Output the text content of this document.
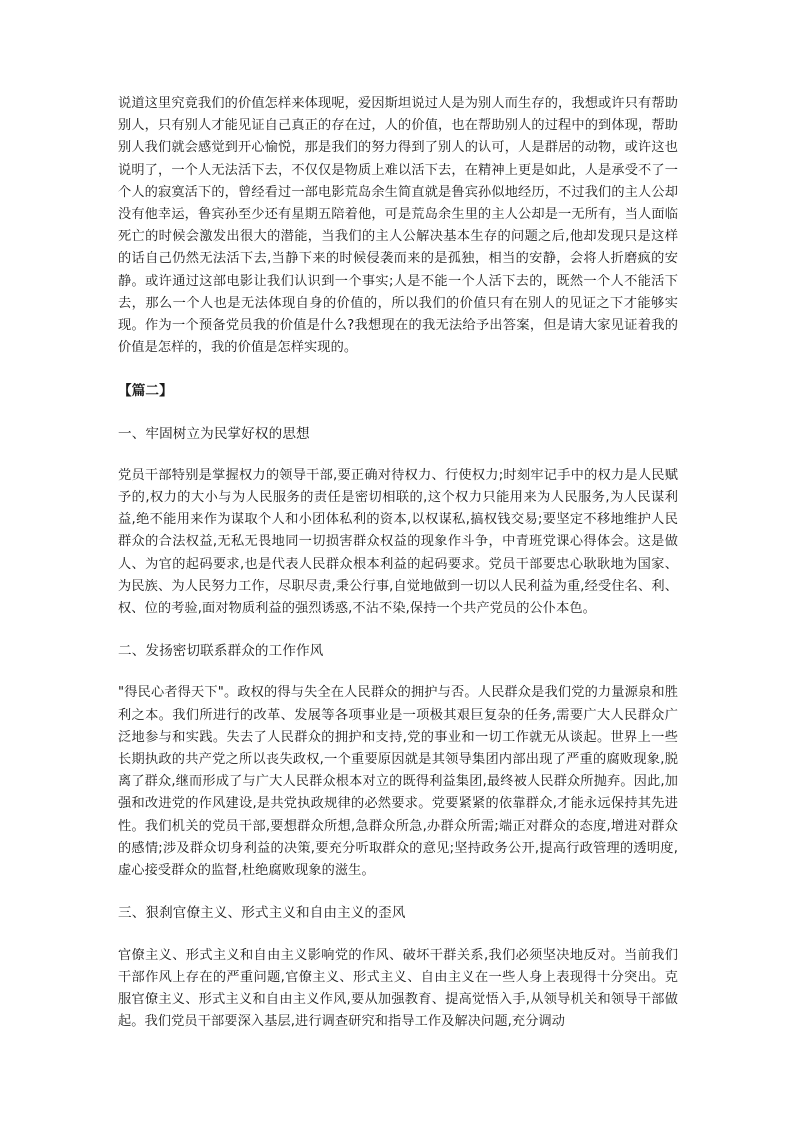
说道这里究竟我们的价值怎样来体现呢，爱因斯坦说过人是为别人而生存的，我想或许只有帮助别人，只有别人才能见证自己真正的存在过，人的价值，也在帮助别人的过程中的到体现，帮助别人我们就会感觉到开心愉悦，那是我们的努力得到了别人的认可，人是群居的动物，或许这也说明了，一个人无法活下去，不仅仅是物质上难以活下去，在精神上更是如此，人是承受不了一个人的寂寞活下的，曾经看过一部电影荒岛余生简直就是鲁宾孙似地经历，不过我们的主人公却没有他幸运，鲁宾孙至少还有星期五陪着他，可是荒岛余生里的主人公却是一无所有，当人面临死亡的时候会激发出很大的潜能，当我们的主人公解决基本生存的问题之后,他却发现只是这样的话自己仍然无法活下去,当静下来的时候侵袭而来的是孤独，相当的安静，会将人折磨疯的安静。或许通过这部电影让我们认识到一个事实;人是不能一个人活下去的，既然一个人不能活下去，那么一个人也是无法体现自身的价值的，所以我们的价值只有在别人的见证之下才能够实现。作为一个预备党员我的价值是什么?我想现在的我无法给予出答案，但是请大家见证着我的价值是怎样的，我的价值是怎样实现的。

【篇二】

一、牢固树立为民掌好权的思想

党员干部特别是掌握权力的领导干部,要正确对待权力、行使权力;时刻牢记手中的权力是人民赋予的,权力的大小与为人民服务的责任是密切相联的,这个权力只能用来为人民服务,为人民谋利益,绝不能用来作为谋取个人和小团体私利的资本,以权谋私,搞权钱交易;要坚定不移地维护人民群众的合法权益,无私无畏地同一切损害群众权益的现象作斗争，中青班党课心得体会。这是做人、为官的起码要求,也是代表人民群众根本利益的起码要求。党员干部要忠心耿耿地为国家、为民族、为人民努力工作，尽职尽责,秉公行事,自觉地做到一切以人民利益为重,经受住名、利、权、位的考验,面对物质利益的强烈诱惑,不沾不染,保持一个共产党员的公仆本色。

二、发扬密切联系群众的工作作风

"得民心者得天下"。政权的得与失全在人民群众的拥护与否。人民群众是我们党的力量源泉和胜利之本。我们所进行的改革、发展等各项事业是一项极其艰巨复杂的任务,需要广大人民群众广泛地参与和实践。失去了人民群众的拥护和支持,党的事业和一切工作就无从谈起。世界上一些长期执政的共产党之所以丧失政权,一个重要原因就是其领导集团内部出现了严重的腐败现象,脱离了群众,继而形成了与广大人民群众根本对立的既得利益集团,最终被人民群众所抛弃。因此,加强和改进党的作风建设,是共党执政规律的必然要求。党要紧紧的依靠群众,才能永远保持其先进性。我们机关的党员干部,要想群众所想,急群众所急,办群众所需;端正对群众的态度,增进对群众的感情;涉及群众切身利益的决策,要充分听取群众的意见;坚持政务公开,提高行政管理的透明度,虚心接受群众的监督,杜绝腐败现象的滋生。

三、狠刹官僚主义、形式主义和自由主义的歪风

官僚主义、形式主义和自由主义影响党的作风、破坏干群关系,我们必须坚决地反对。当前我们干部作风上存在的严重问题,官僚主义、形式主义、自由主义在一些人身上表现得十分突出。克服官僚主义、形式主义和自由主义作风,要从加强教育、提高觉悟入手,从领导机关和领导干部做起。我们党员干部要深入基层,进行调查研究和指导工作及解决问题,充分调动
